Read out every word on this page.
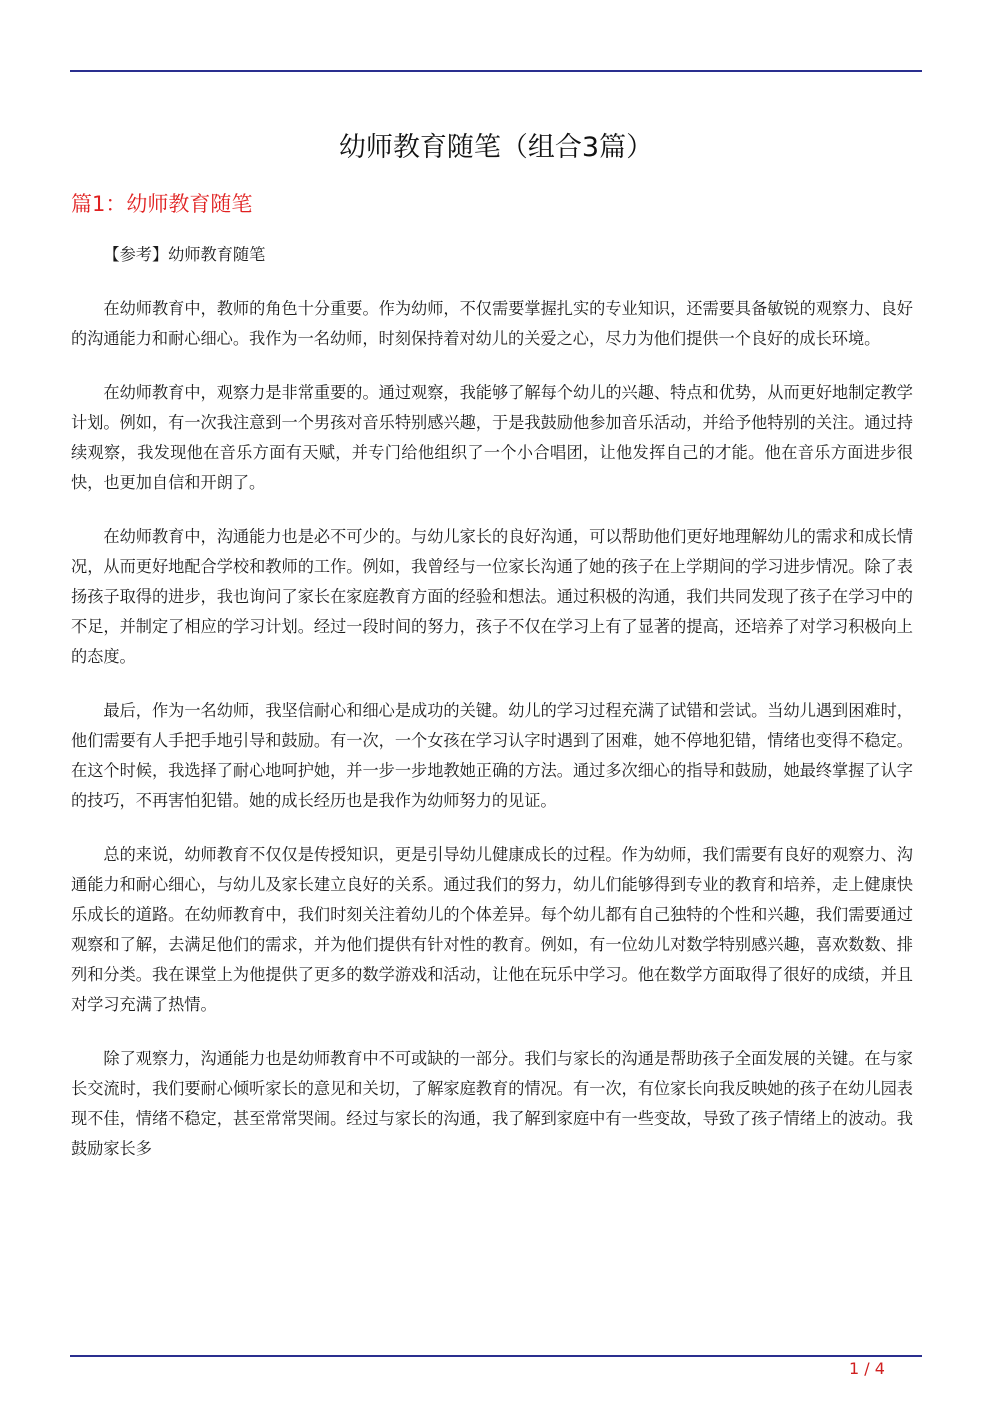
幼师教育随笔（组合3篇）
篇1：幼师教育随笔

【参考】幼师教育随笔

在幼师教育中，教师的角色十分重要。作为幼师，不仅需要掌握扎实的专业知识，还需要具备敏锐的观察力、良好的沟通能力和耐心细心。我作为一名幼师，时刻保持着对幼儿的关爱之心，尽力为他们提供一个良好的成长环境。

在幼师教育中，观察力是非常重要的。通过观察，我能够了解每个幼儿的兴趣、特点和优势，从而更好地制定教学计划。例如，有一次我注意到一个男孩对音乐特别感兴趣，于是我鼓励他参加音乐活动，并给予他特别的关注。通过持续观察，我发现他在音乐方面有天赋，并专门给他组织了一个小合唱团，让他发挥自己的才能。他在音乐方面进步很快，也更加自信和开朗了。

在幼师教育中，沟通能力也是必不可少的。与幼儿家长的良好沟通，可以帮助他们更好地理解幼儿的需求和成长情况，从而更好地配合学校和教师的工作。例如，我曾经与一位家长沟通了她的孩子在上学期间的学习进步情况。除了表扬孩子取得的进步，我也询问了家长在家庭教育方面的经验和想法。通过积极的沟通，我们共同发现了孩子在学习中的不足，并制定了相应的学习计划。经过一段时间的努力，孩子不仅在学习上有了显著的提高，还培养了对学习积极向上的态度。

最后，作为一名幼师，我坚信耐心和细心是成功的关键。幼儿的学习过程充满了试错和尝试。当幼儿遇到困难时，他们需要有人手把手地引导和鼓励。有一次，一个女孩在学习认字时遇到了困难，她不停地犯错，情绪也变得不稳定。在这个时候，我选择了耐心地呵护她，并一步一步地教她正确的方法。通过多次细心的指导和鼓励，她最终掌握了认字的技巧，不再害怕犯错。她的成长经历也是我作为幼师努力的见证。

总的来说，幼师教育不仅仅是传授知识，更是引导幼儿健康成长的过程。作为幼师，我们需要有良好的观察力、沟通能力和耐心细心，与幼儿及家长建立良好的关系。通过我们的努力，幼儿们能够得到专业的教育和培养，走上健康快乐成长的道路。在幼师教育中，我们时刻关注着幼儿的个体差异。每个幼儿都有自己独特的个性和兴趣，我们需要通过观察和了解，去满足他们的需求，并为他们提供有针对性的教育。例如，有一位幼儿对数学特别感兴趣，喜欢数数、排列和分类。我在课堂上为他提供了更多的数学游戏和活动，让他在玩乐中学习。他在数学方面取得了很好的成绩，并且对学习充满了热情。

除了观察力，沟通能力也是幼师教育中不可或缺的一部分。我们与家长的沟通是帮助孩子全面发展的关键。在与家长交流时，我们要耐心倾听家长的意见和关切，了解家庭教育的情况。有一次，有位家长向我反映她的孩子在幼儿园表现不佳，情绪不稳定，甚至常常哭闹。经过与家长的沟通，我了解到家庭中有一些变故，导致了孩子情绪上的波动。我鼓励家长多

1 / 4
